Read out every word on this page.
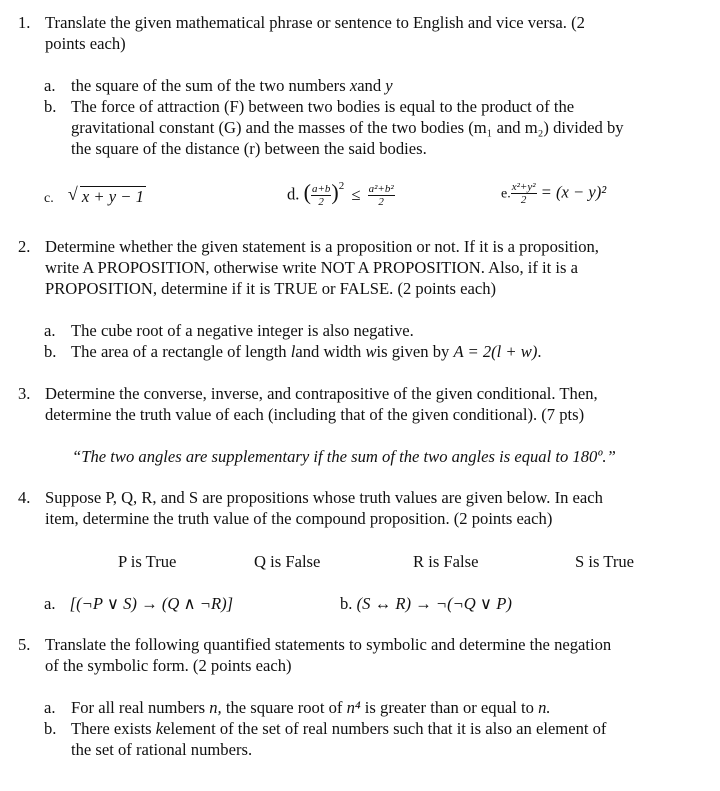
1. Translate the given mathematical phrase or sentence to English and vice versa. (2
points each)
a. the square of the sum of the two numbers xand y
b. The force of attraction (F) between two bodies is equal to the product of the
gravitational constant (G) and the masses of the two bodies (m₁ and m₂) divided by
the square of the distance (r) between the said bodies.
c. √ x + y − 1	d. ( $\frac{a+b}{2} )^2 \le \frac{\text{a²+b²}}{2}$	e. $\frac{\text{x²+y²}}{2} = (x - y)^2$
2. Determine whether the given statement is a proposition or not. If it is a proposition,
write A PROPOSITION, otherwise write NOT A PROPOSITION. Also, if it is a
PROPOSITION, determine if it is TRUE or FALSE. (2 points each)
a. The cube root of a negative integer is also negative.
b. The area of a rectangle of length land width wis given by A = 2(l + w).
3. Determine the converse, inverse, and contrapositive of the given conditional. Then,
determine the truth value of each (including that of the given conditional). (7 pts)
“The two angles are supplementary if the sum of the two angles is equal to 180º.”
4. Suppose P, Q, R, and S are propositions whose truth values are given below. In each
item, determine the truth value of the compound proposition. (2 points each)
P is True	Q is False	R is False	S is True
a. [(¬P ∨ S) → (Q ∧ ¬R)]	b. (S ↔ R) → ¬(¬Q ∨ P)
5. Translate the following quantified statements to symbolic and determine the negation
of the symbolic form. (2 points each)
a. For all real numbers n, the square root of n⁴ is greater than or equal to n.
b. There exists kelement of the set of real numbers such that it is also an element of
the set of rational numbers.
